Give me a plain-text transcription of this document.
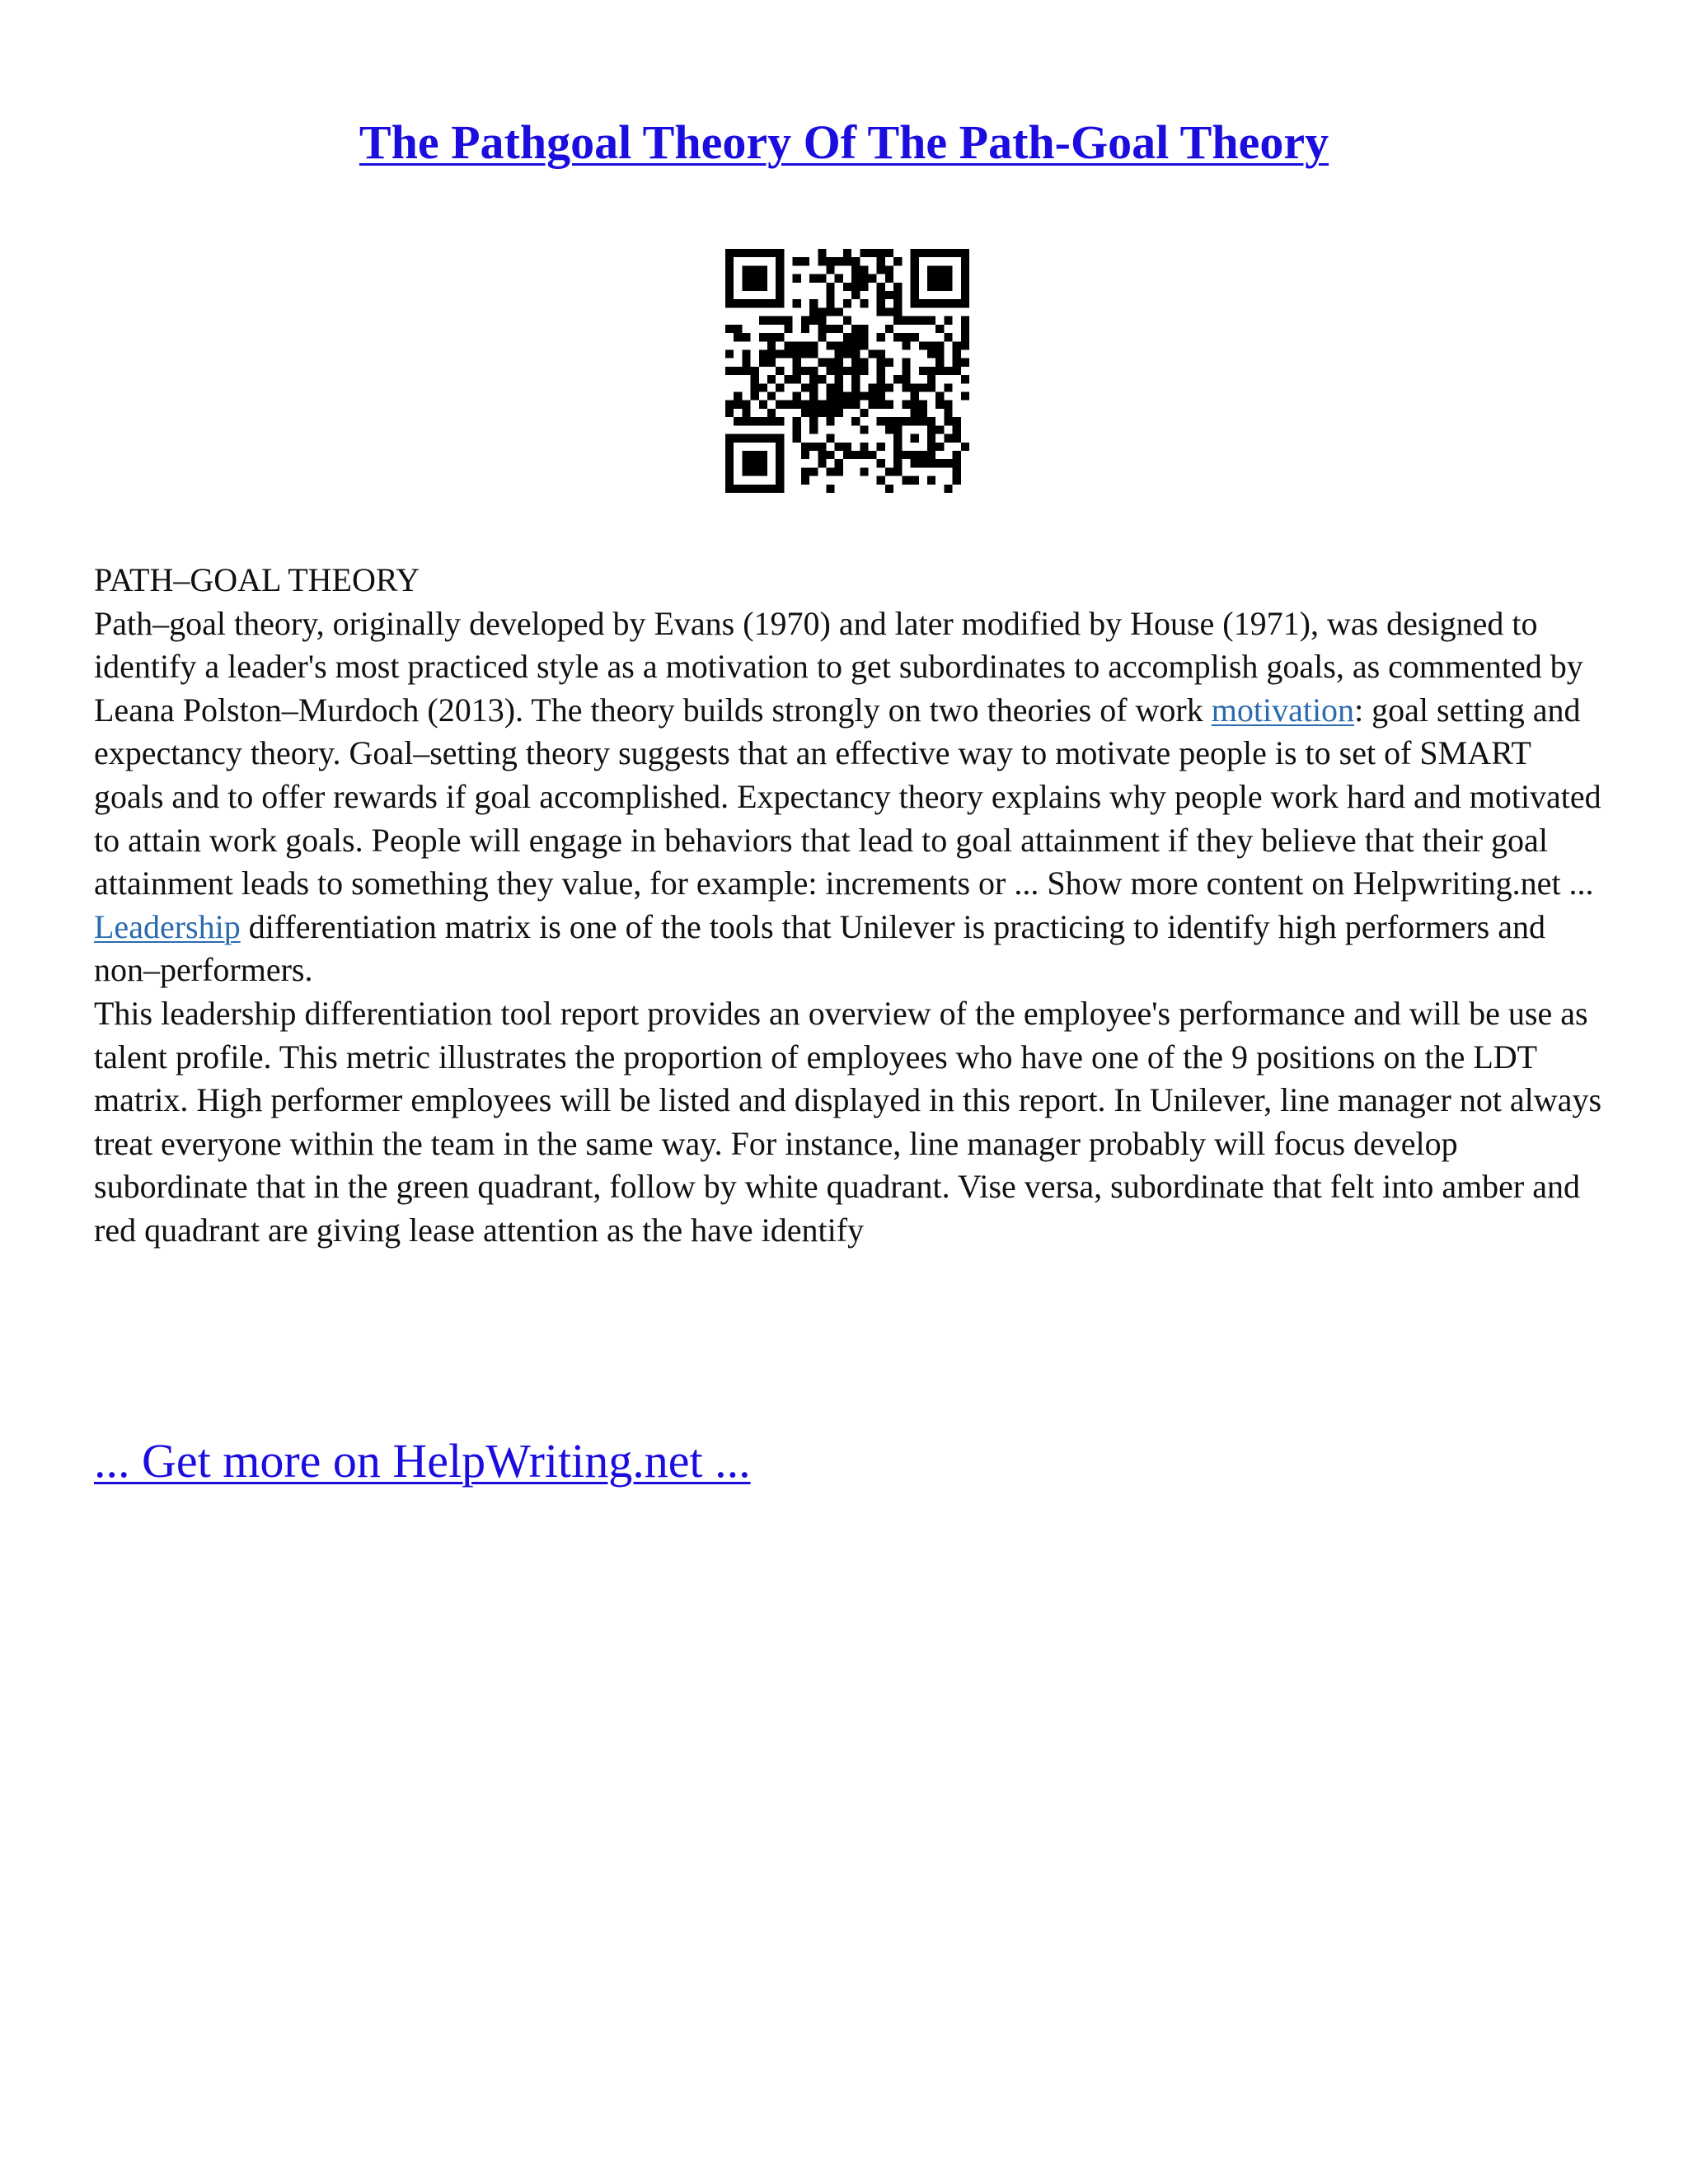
The Pathgoal Theory Of The Path-Goal Theory

PATH–GOAL THEORY

Path–goal theory, originally developed by Evans (1970) and later modified by House (1971), was designed to identify a leader's most practiced style as a motivation to get subordinates to accomplish goals, as commented by Leana Polston–Murdoch (2013). The theory builds strongly on two theories of work motivation: goal setting and expectancy theory. Goal–setting theory suggests that an effective way to motivate people is to set of SMART goals and to offer rewards if goal accomplished. Expectancy theory explains why people work hard and motivated to attain work goals. People will engage in behaviors that lead to goal attainment if they believe that their goal attainment leads to something they value, for example: increments or ... Show more content on Helpwriting.net ...

Leadership differentiation matrix is one of the tools that Unilever is practicing to identify high performers and non–performers.

This leadership differentiation tool report provides an overview of the employee's performance and will be use as talent profile. This metric illustrates the proportion of employees who have one of the 9 positions on the LDT matrix. High performer employees will be listed and displayed in this report. In Unilever, line manager not always treat everyone within the team in the same way. For instance, line manager probably will focus develop subordinate that in the green quadrant, follow by white quadrant. Vise versa, subordinate that felt into amber and red quadrant are giving lease attention as the have identify

... Get more on HelpWriting.net ...
